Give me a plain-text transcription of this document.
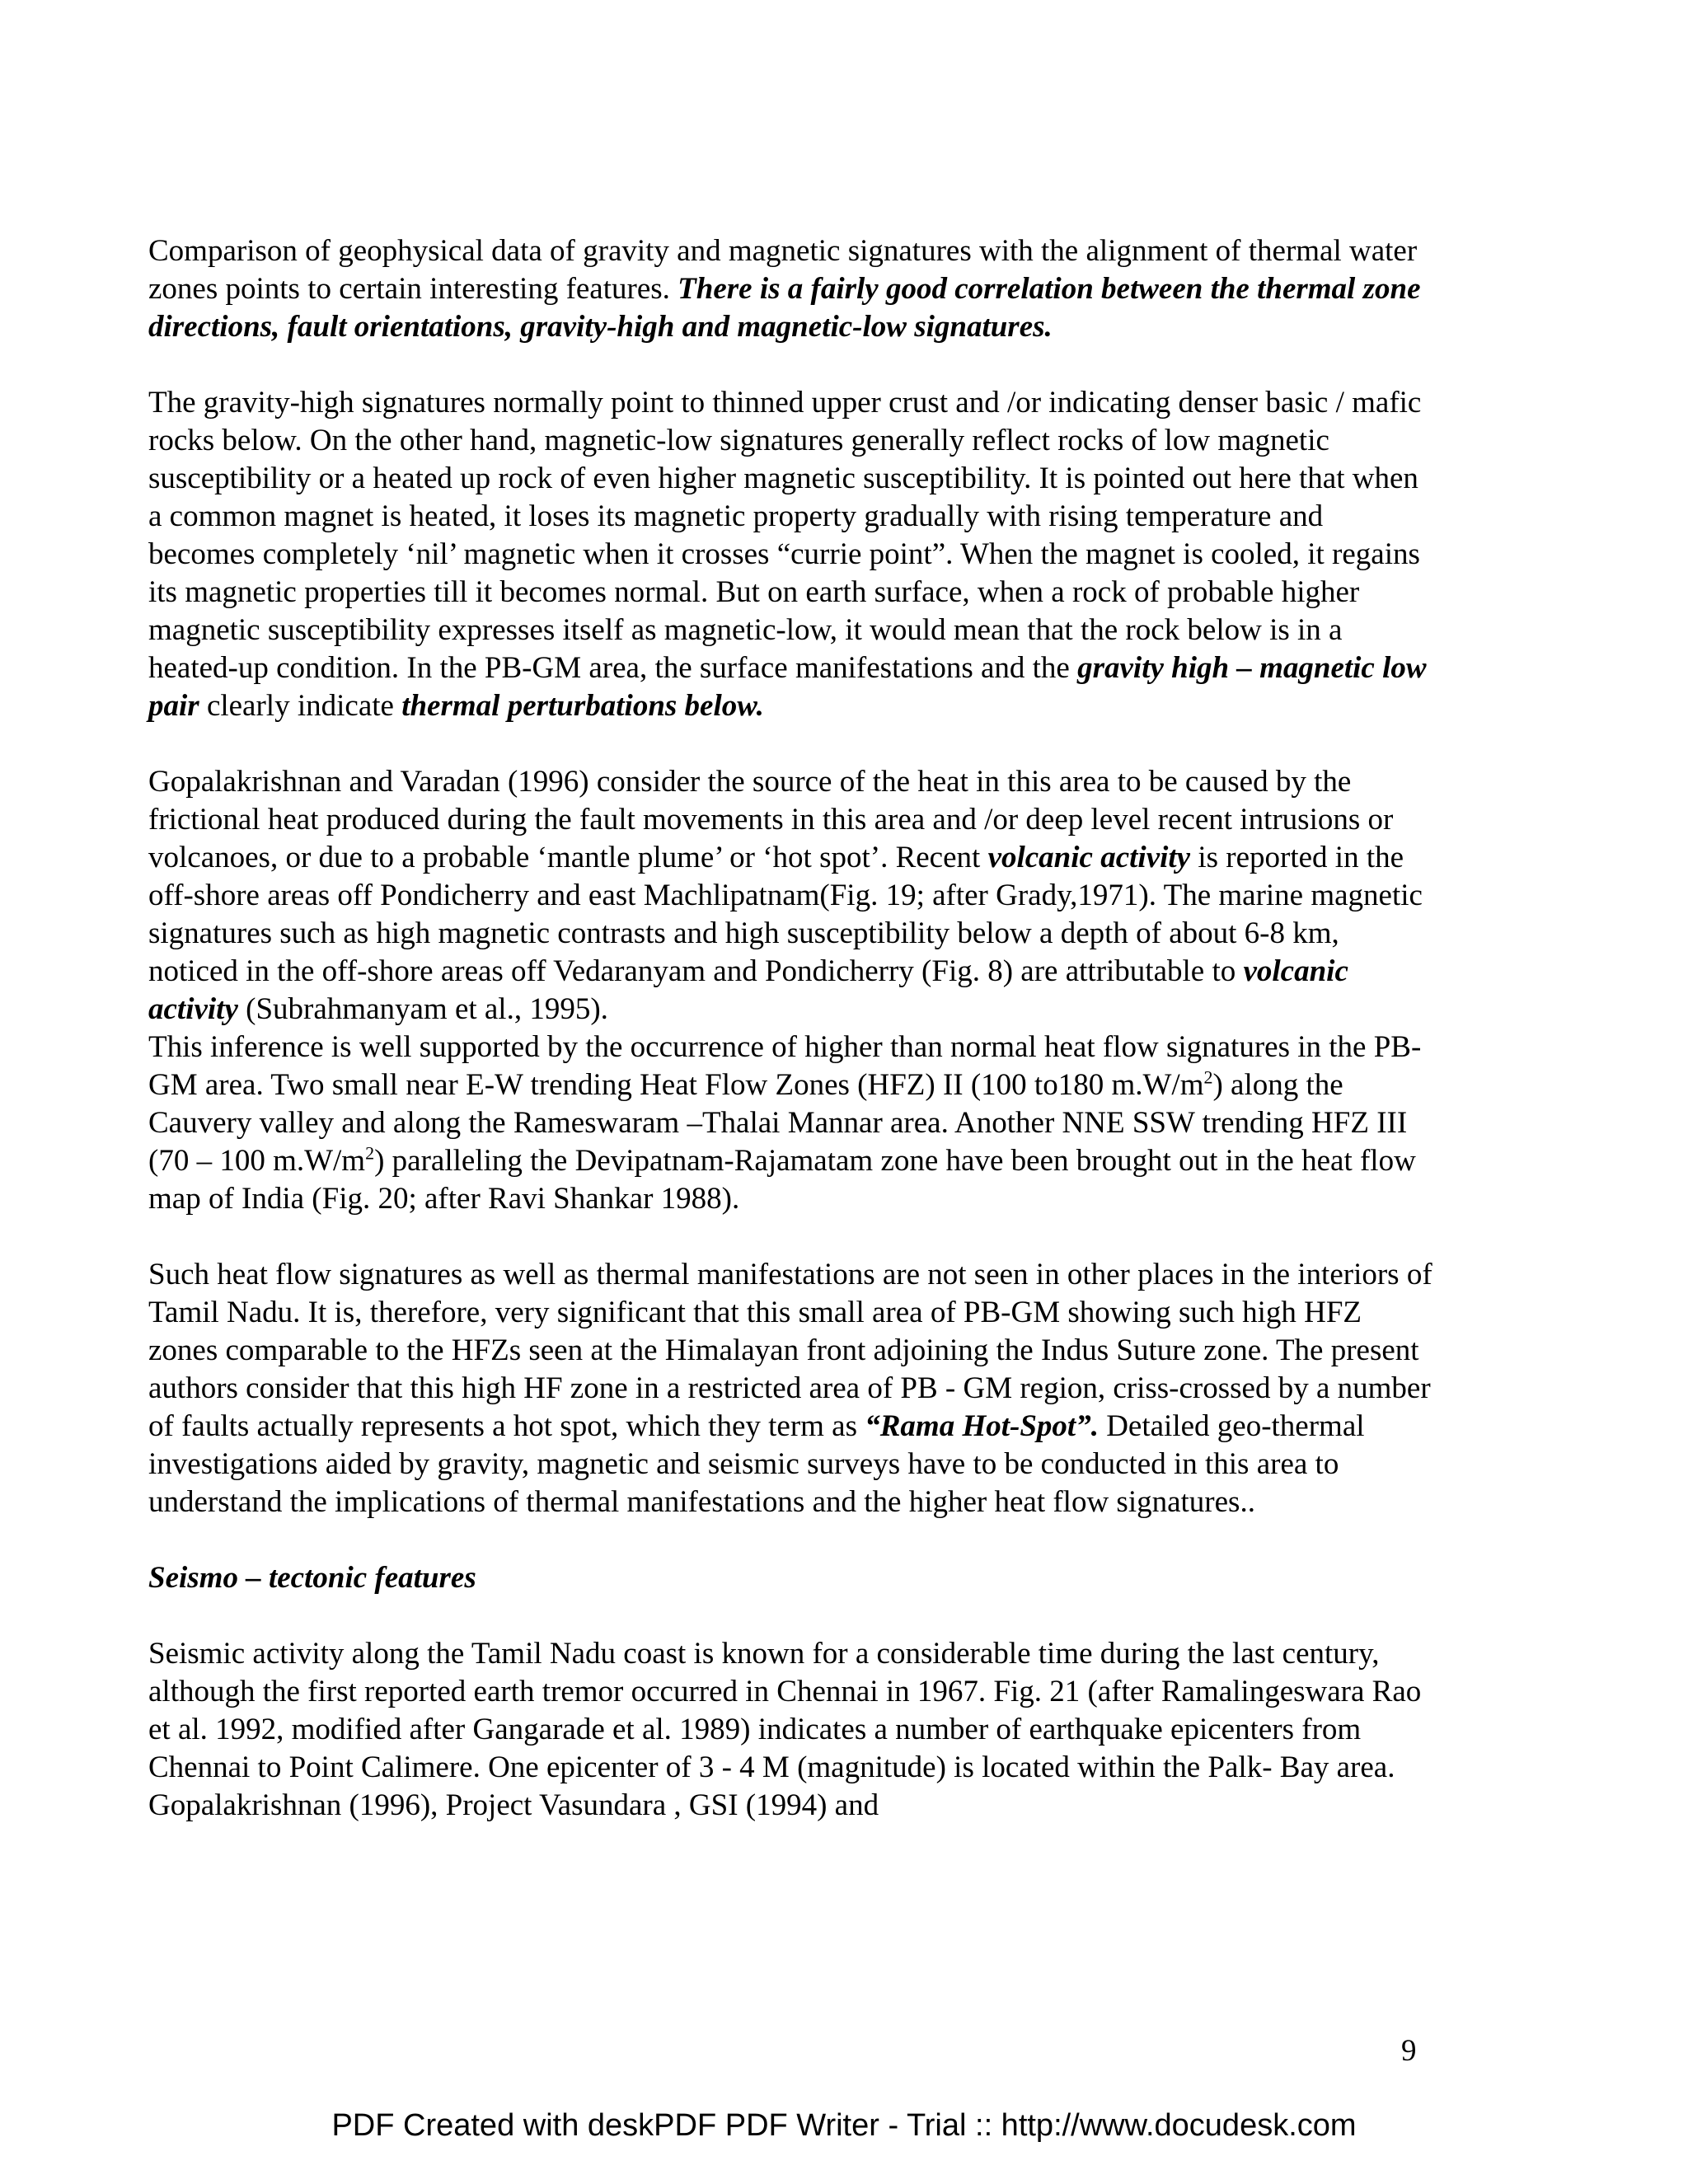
Comparison of geophysical data of gravity and magnetic signatures with the alignment of thermal water zones points to certain interesting features. There is a fairly good correlation between the thermal zone directions, fault orientations, gravity-high and magnetic-low signatures.

The gravity-high signatures normally point to thinned upper crust and /or indicating denser basic / mafic rocks below. On the other hand, magnetic-low signatures generally reflect rocks of low magnetic susceptibility or a heated up rock of even higher magnetic susceptibility. It is pointed out here that when a common magnet is heated, it loses its magnetic property gradually with rising temperature and becomes completely ‘nil’ magnetic when it crosses “currie point”. When the magnet is cooled, it regains its magnetic properties till it becomes normal. But on earth surface, when a rock of probable higher magnetic susceptibility expresses itself as magnetic-low, it would mean that the rock below is in a heated-up condition. In the PB-GM area, the surface manifestations and the gravity high – magnetic low pair clearly indicate thermal perturbations below.

Gopalakrishnan and Varadan (1996) consider the source of the heat in this area to be caused by the frictional heat produced during the fault movements in this area and /or deep level recent intrusions or volcanoes, or due to a probable ‘mantle plume’ or ‘hot spot’. Recent volcanic activity is reported in the off-shore areas off Pondicherry and east Machlipatnam(Fig. 19; after Grady,1971). The marine magnetic signatures such as high magnetic contrasts and high susceptibility below a depth of about 6-8 km, noticed in the off-shore areas off Vedaranyam and Pondicherry (Fig. 8) are attributable to volcanic activity (Subrahmanyam et al., 1995).

This inference is well supported by the occurrence of higher than normal heat flow signatures in the PB-GM area. Two small near E-W trending Heat Flow Zones (HFZ) II (100 to180 $m.W/m^2$) along the Cauvery valley and along the Rameswaram –Thalai Mannar area. Another NNE SSW trending HFZ III (70 – 100 $m.W/m^2$) paralleling the Devipatnam-Rajamatam zone have been brought out in the heat flow map of India (Fig. 20; after Ravi Shankar 1988).

Such heat flow signatures as well as thermal manifestations are not seen in other places in the interiors of Tamil Nadu. It is, therefore, very significant that this small area of PB-GM showing such high HFZ zones comparable to the HFZs seen at the Himalayan front adjoining the Indus Suture zone. The present authors consider that this high HF zone in a restricted area of PB - GM region, criss-crossed by a number of faults actually represents a hot spot, which they term as “Rama Hot-Spot”. Detailed geo-thermal investigations aided by gravity, magnetic and seismic surveys have to be conducted in this area to understand the implications of thermal manifestations and the higher heat flow signatures..

Seismo – tectonic features

Seismic activity along the Tamil Nadu coast is known for a considerable time during the last century, although the first reported earth tremor occurred in Chennai in 1967. Fig. 21 (after Ramalingeswara Rao et al. 1992, modified after Gangarade et al. 1989) indicates a number of earthquake epicenters from Chennai to Point Calimere. One epicenter of 3 - 4 M (magnitude) is located within the Palk- Bay area. Gopalakrishnan (1996), Project Vasundara , GSI (1994) and

9
PDF Created with deskPDF PDF Writer - Trial :: http://www.docudesk.com
